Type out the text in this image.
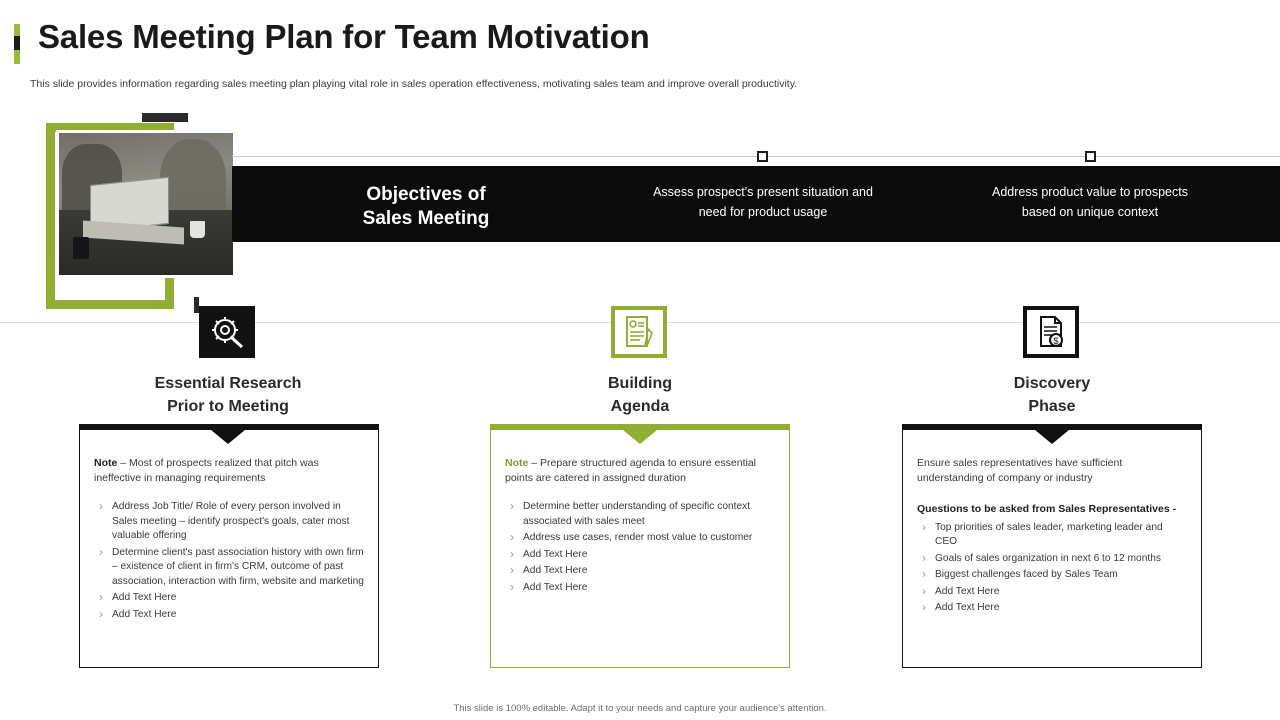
Sales Meeting Plan for Team Motivation
This slide provides information regarding sales meeting plan playing vital role in sales operation effectiveness, motivating sales team and improve overall productivity.
Objectives of
Sales Meeting
Assess prospect's present situation and need for product usage
Address product value to prospects based on unique context
Essential Research
Prior to Meeting
Note – Most of prospects realized that pitch was ineffective in managing requirements
› Address Job Title/ Role of every person involved in Sales meeting – identify prospect's goals, cater most valuable offering
› Determine client's past association history with own firm – existence of client in firm's CRM, outcome of past association, interaction with firm, website and marketing
› Add Text Here
› Add Text Here
Building
Agenda
Note – Prepare structured agenda to ensure essential points are catered in assigned duration
› Determine better understanding of specific context associated with sales meet
› Address use cases, render most value to customer
› Add Text Here
› Add Text Here
› Add Text Here
$
Discovery
Phase
Ensure sales representatives have sufficient understanding of company or industry
Questions to be asked from Sales Representatives -
› Top priorities of sales leader, marketing leader and CEO
› Goals of sales organization in next 6 to 12 months
› Biggest challenges faced by Sales Team
› Add Text Here
› Add Text Here
This slide is 100% editable. Adapt it to your needs and capture your audience's attention.
